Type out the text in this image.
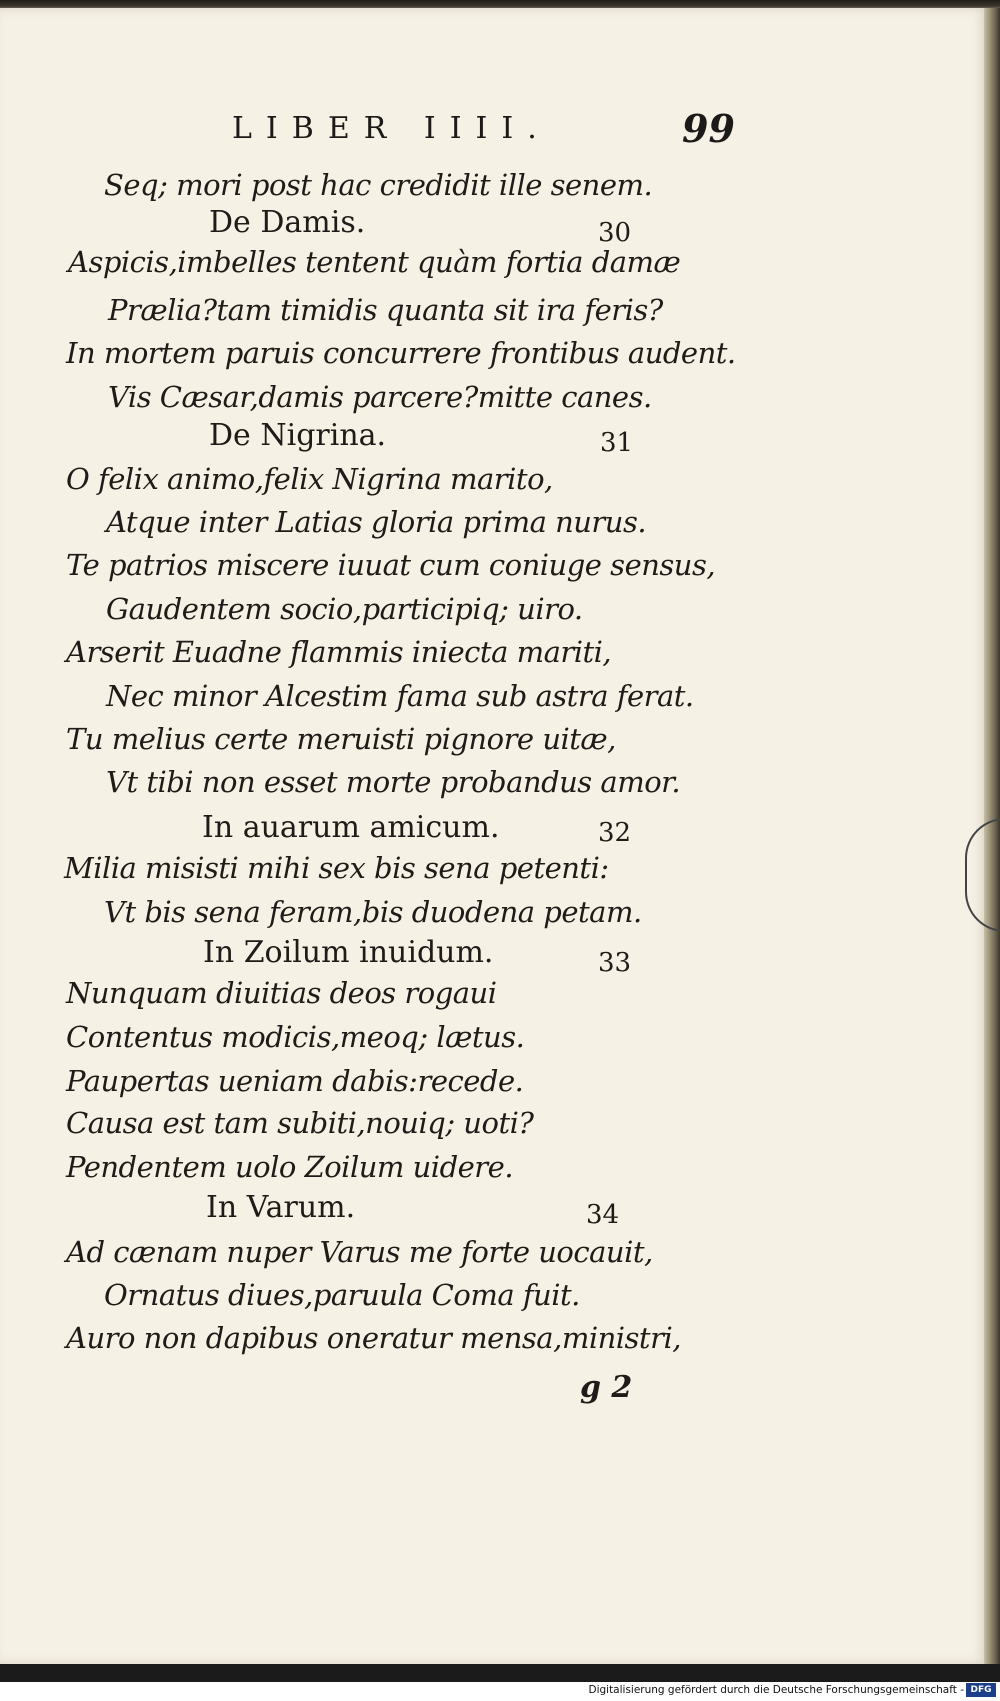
LIBER IIII.	99
Seq; mori post hac credidit ille senem.
De Damis.	30
Aspicis,imbelles tentent quàm fortia damæ
Prælia?tam timidis quanta sit ira feris?
In mortem paruis concurrere frontibus audent.
Vis Cæsar,damis parcere?mitte canes.
De Nigrina.	31
O felix animo,felix Nigrina marito,
Atque inter Latias gloria prima nurus.
Te patrios miscere iuuat cum coniuge sensus,
Gaudentem socio,participiq; uiro.
Arserit Euadne flammis iniecta mariti,
Nec minor Alcestim fama sub astra ferat.
Tu melius certe meruisti pignore uitæ,
Vt tibi non esset morte probandus amor.
In auarum amicum.	32
Milia misisti mihi sex bis sena petenti:
Vt bis sena feram,bis duodena petam.
In Zoilum inuidum.	33
Nunquam diuitias deos rogaui
Contentus modicis,meoq; lætus.
Paupertas ueniam dabis:recede.
Causa est tam subiti,nouiq; uoti?
Pendentem uolo Zoilum uidere.
In Varum.	34
Ad cænam nuper Varus me forte uocauit,
Ornatus diues,paruula Coma fuit.
Auro non dapibus oneratur mensa,ministri,
g 2
Digitalisierung gefördert durch die Deutsche Forschungsgemeinschaft - DFG
